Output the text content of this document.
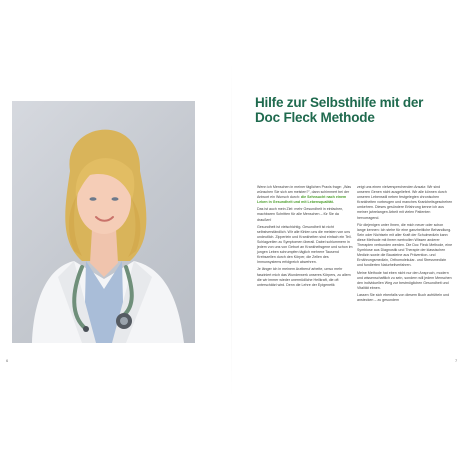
Hilfe zur Selbsthilfe mit der
Doc Fleck Methode

Wenn ich Menschen in meiner täglichen Praxis frage: „Was wünschen Sie sich am meisten?", dann schimmert bei der Antwort ein Wunsch durch: die Sehnsucht nach einem Leben in Gesundheit und mit Lebensqualität.

Das ist auch mein Ziel: mehr Gesundheit in einfachen, machbaren Schritten für alle Menschen – für Sie da draußen!

Gesundheit ist vielschichtig. Gesundheit ist nicht selbstverständlich. Wir alle fühlen uns die meisten von uns undeutlich. Zipperlein und Krankheiten sind einfach ein Teil. Schlagzeilen zu Symptomen überall. Dabei schlummern in jedem von uns von Geburt an Krankheitsgene und schon im jungen Leben schrumpfen täglich mehrere Tausend Krebszellen durch den Körper, die Zellen des Immunsystems erfolgreich abwehren.

Je länger ich in meinem Arztberuf arbeite, umso mehr fasziniert mich das Wunderwerk unseres Körpers, zu allem die wir immer wieder unermüdliche Heilkraft, die oft unterschätzt wird. Denn die Lehre der Epigenetik

zeigt uns einen vielversprechenden Ansatz: Wir sind unseren Genen nicht ausgeliefert. Wir alle können durch unseren Lebensstil neben festgelegten chronischen Krankheiten vorbeugen und manches Krankheitsgeschehen umkehren. Dieses gesündere Erfahrung kenne ich aus meiner jahrelangen Arbeit mit vielen Patienten hervorragend.

Für diejenigen unter Ihnen, die mich neuer oder schon lange kennen: Ich stehe für eine ganzheitliche Behandlung. Sein oder Nichtsein mit aller Kraft der Schulmedizin kann diese Methode mit ihrem wertvollen Wissen anderer Therapien verbunden werden. Die Doc Fleck Methode, eine Symbiose aus Diagnostik und Therapie der klassischen Medizin sowie die Bausteine aus Prävention- und Ernährungsmedizin, Orthomolekular- und Stressmedizin und fundierten Naturheilverfahren.

Meine Methode hat eben nicht nur den Anspruch, modern und wissenschaftlich zu sein, sondern will jedem Menschen den individuellen Weg zur bestmöglichen Gesundheit und Vitalität ebnen.

Lassen Sie sich ebenfalls von diesem Buch aufrütteln und anstecken – zu gesundem

6	7
